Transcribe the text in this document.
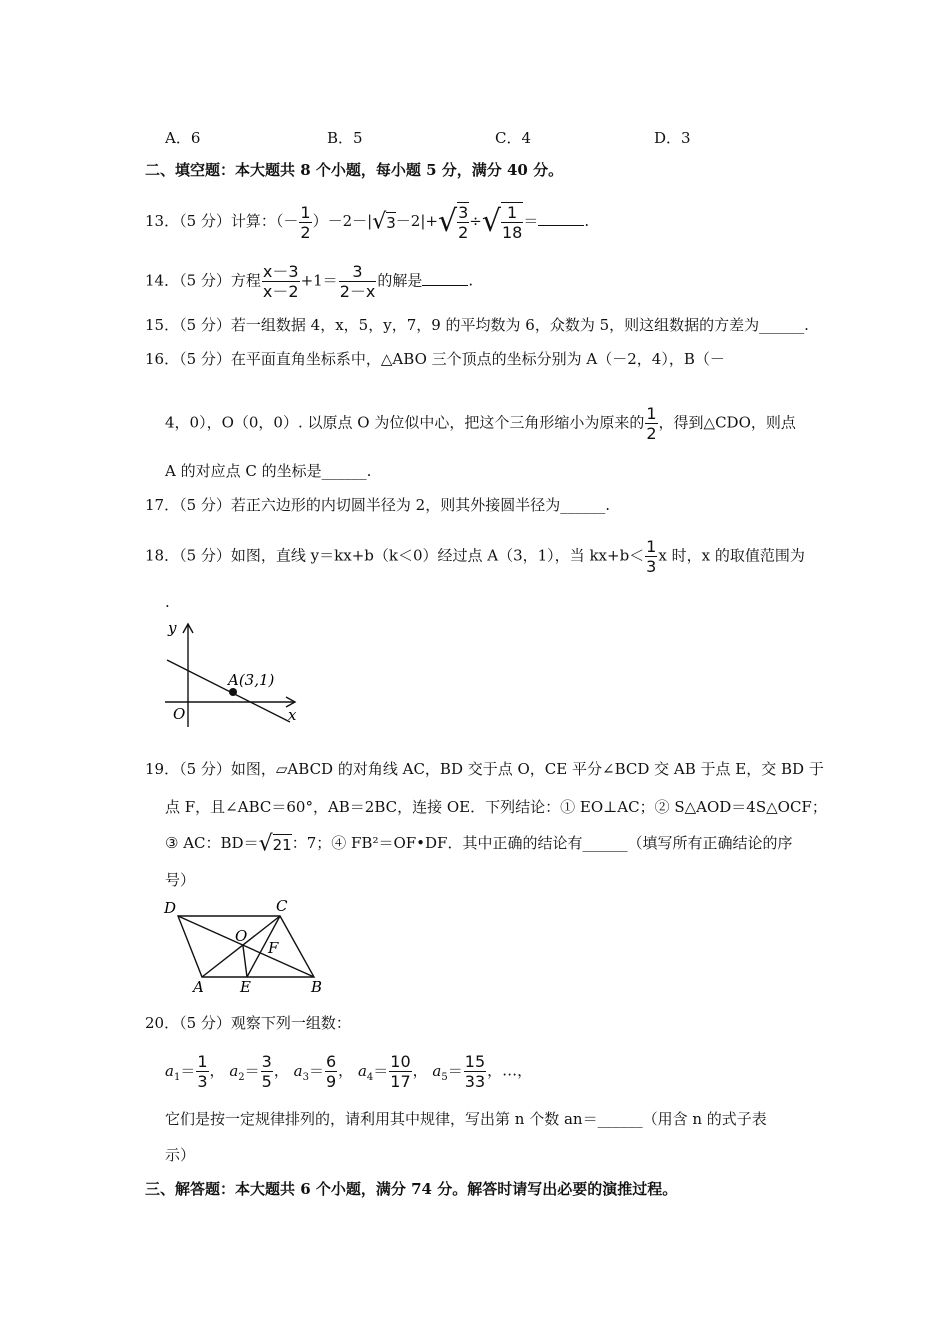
A．6	B．5	C．4	D．3
二、填空题：本大题共 8 个小题，每小题 5 分，满分 40 分。
13．（5 分）计算：（－ $\frac{1}{2} )-2-|√3-2|+√ \frac{3}{2}$ ÷√ $\frac{1}{18}$ ＝	.
14．（5 分）方程 $\frac{x-3}{x-2} +1= \frac{3}{2-x}$ 的解是	.
15．（5 分）若一组数据 4，x，5，y，7，9 的平均数为 6，众数为 5，则这组数据的方差为______.
16．（5 分）在平面直角坐标系中，△ABO 三个顶点的坐标分别为 A（－2，4），B（－
4，0），O（0，0）. 以原点 O 为位似中心，把这个三角形缩小为原来的 $\frac{1}{2}$ ，得到△CDO，则点
A 的对应点 C 的坐标是______.
17．（5 分）若正六边形的内切圆半径为 2，则其外接圆半径为______.
18．（5 分）如图，直线 y＝kx+b（k＜0）经过点 A（3，1），当 $kx+b< \frac{1}{3}$ x 时，x 的取值范围为
.
y
x
O
A(3,1)
19．（5 分）如图，▱ABCD 的对角线 AC，BD 交于点 O，CE 平分∠BCD 交 AB 于点 E，交 BD 于
点 F，且∠ABC＝60°，AB＝2BC，连接 OE．下列结论：① EO⊥AC；② S△AOD＝4S△OCF；
③ AC：BD＝√21：7；④ FB²＝OF•DF．其中正确的结论有______（填写所有正确结论的序
号）
D	C
O
F
A E	B
20．（5 分）观察下列一组数：
$a_1= \frac{1}{3}$ ， $a_2= \frac{3}{5}$ ， $a_3= \frac{6}{9}$ ， $a_4= \frac{10}{17}$ ， $a_5= \frac{15}{33}$ ，…，
它们是按一定规律排列的，请利用其中规律，写出第 n 个数 an＝______（用含 n 的式子表
示）
三、解答题：本大题共 6 个小题，满分 74 分。解答时请写出必要的演推过程。
